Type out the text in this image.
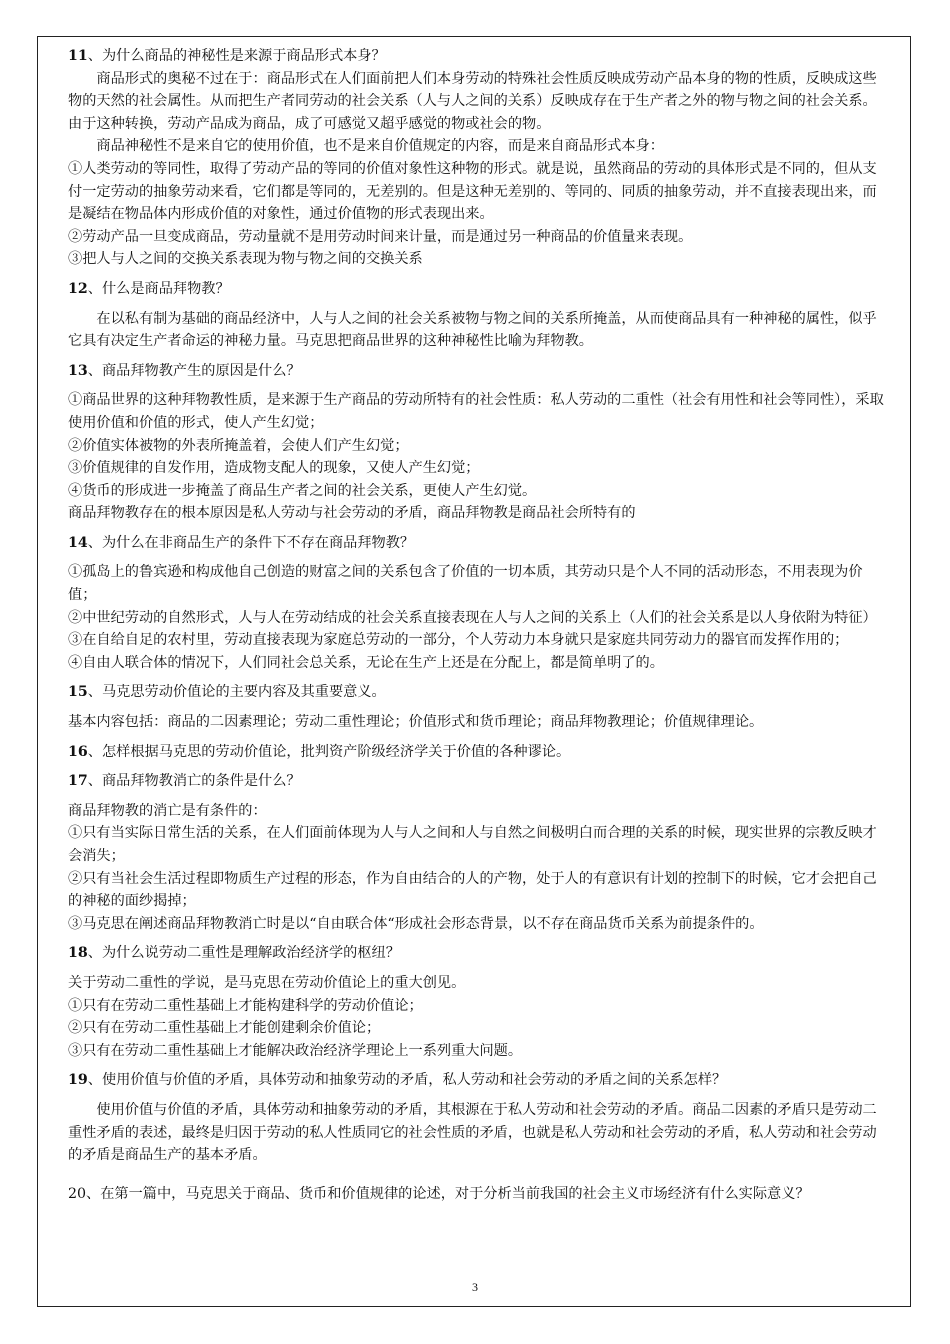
11、为什么商品的神秘性是来源于商品形式本身？

商品形式的奥秘不过在于：商品形式在人们面前把人们本身劳动的特殊社会性质反映成劳动产品本身的物的性质，反映成这些物的天然的社会属性。从而把生产者同劳动的社会关系（人与人之间的关系）反映成存在于生产者之外的物与物之间的社会关系。由于这种转换，劳动产品成为商品，成了可感觉又超乎感觉的物或社会的物。

商品神秘性不是来自它的使用价值，也不是来自价值规定的内容，而是来自商品形式本身：

①人类劳动的等同性，取得了劳动产品的等同的价值对象性这种物的形式。就是说，虽然商品的劳动的具体形式是不同的，但从支付一定劳动的抽象劳动来看，它们都是等同的，无差别的。但是这种无差别的、等同的、同质的抽象劳动，并不直接表现出来，而是凝结在物品体内形成价值的对象性，通过价值物的形式表现出来。

②劳动产品一旦变成商品，劳动量就不是用劳动时间来计量，而是通过另一种商品的价值量来表现。

③把人与人之间的交换关系表现为物与物之间的交换关系

12、什么是商品拜物教？

在以私有制为基础的商品经济中，人与人之间的社会关系被物与物之间的关系所掩盖，从而使商品具有一种神秘的属性，似乎它具有决定生产者命运的神秘力量。马克思把商品世界的这种神秘性比喻为拜物教。

13、商品拜物教产生的原因是什么？

①商品世界的这种拜物教性质，是来源于生产商品的劳动所特有的社会性质：私人劳动的二重性（社会有用性和社会等同性），采取使用价值和价值的形式，使人产生幻觉；

②价值实体被物的外表所掩盖着，会使人们产生幻觉；

③价值规律的自发作用，造成物支配人的现象，又使人产生幻觉；

④货币的形成进一步掩盖了商品生产者之间的社会关系，更使人产生幻觉。

商品拜物教存在的根本原因是私人劳动与社会劳动的矛盾，商品拜物教是商品社会所特有的

14、为什么在非商品生产的条件下不存在商品拜物教？

①孤岛上的鲁宾逊和构成他自己创造的财富之间的关系包含了价值的一切本质，其劳动只是个人不同的活动形态，不用表现为价值；

②中世纪劳动的自然形式，人与人在劳动结成的社会关系直接表现在人与人之间的关系上（人们的社会关系是以人身依附为特征）

③在自给自足的农村里，劳动直接表现为家庭总劳动的一部分，个人劳动力本身就只是家庭共同劳动力的器官而发挥作用的；

④自由人联合体的情况下，人们同社会总关系，无论在生产上还是在分配上，都是简单明了的。

15、马克思劳动价值论的主要内容及其重要意义。

基本内容包括：商品的二因素理论；劳动二重性理论；价值形式和货币理论；商品拜物教理论；价值规律理论。

16、怎样根据马克思的劳动价值论，批判资产阶级经济学关于价值的各种谬论。

17、商品拜物教消亡的条件是什么？

商品拜物教的消亡是有条件的：

①只有当实际日常生活的关系，在人们面前体现为人与人之间和人与自然之间极明白而合理的关系的时候，现实世界的宗教反映才会消失；

②只有当社会生活过程即物质生产过程的形态，作为自由结合的人的产物，处于人的有意识有计划的控制下的时候，它才会把自己的神秘的面纱揭掉；

③马克思在阐述商品拜物教消亡时是以“自由联合体“形成社会形态背景，以不存在商品货币关系为前提条件的。

18、为什么说劳动二重性是理解政治经济学的枢纽？

关于劳动二重性的学说，是马克思在劳动价值论上的重大创见。

①只有在劳动二重性基础上才能构建科学的劳动价值论；

②只有在劳动二重性基础上才能创建剩余价值论；

③只有在劳动二重性基础上才能解决政治经济学理论上一系列重大问题。

19、使用价值与价值的矛盾，具体劳动和抽象劳动的矛盾，私人劳动和社会劳动的矛盾之间的关系怎样？

使用价值与价值的矛盾，具体劳动和抽象劳动的矛盾，其根源在于私人劳动和社会劳动的矛盾。商品二因素的矛盾只是劳动二重性矛盾的表述，最终是归因于劳动的私人性质同它的社会性质的矛盾，也就是私人劳动和社会劳动的矛盾，私人劳动和社会劳动的矛盾是商品生产的基本矛盾。

20、在第一篇中，马克思关于商品、货币和价值规律的论述，对于分析当前我国的社会主义市场经济有什么实际意义？

3
